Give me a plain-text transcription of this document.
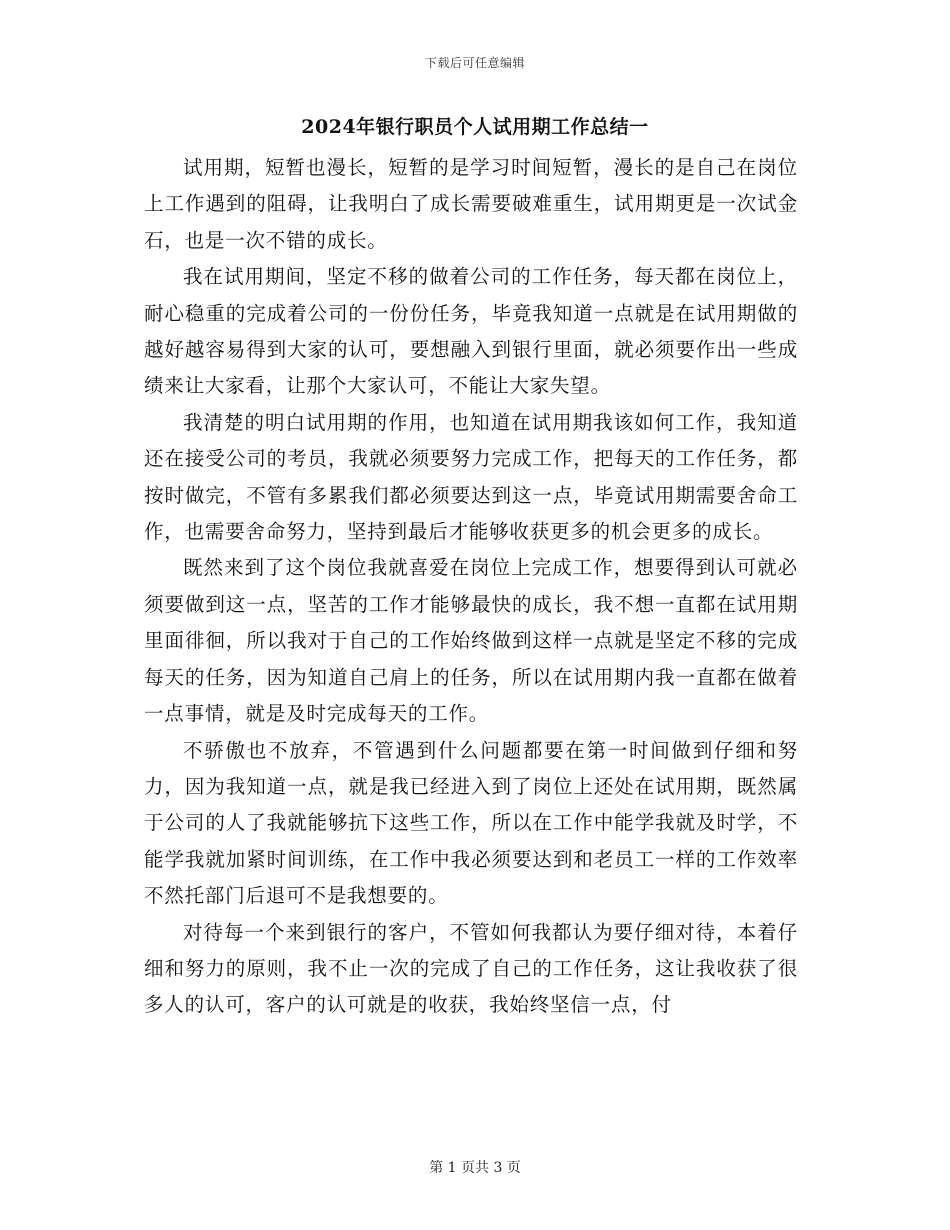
下载后可任意编辑
2024年银行职员个人试用期工作总结一

试用期，短暂也漫长，短暂的是学习时间短暂，漫长的是自己在岗位上工作遇到的阻碍，让我明白了成长需要破难重生，试用期更是一次试金石，也是一次不错的成长。

我在试用期间，坚定不移的做着公司的工作任务，每天都在岗位上，耐心稳重的完成着公司的一份份任务，毕竟我知道一点就是在试用期做的越好越容易得到大家的认可，要想融入到银行里面，就必须要作出一些成绩来让大家看，让那个大家认可，不能让大家失望。

我清楚的明白试用期的作用，也知道在试用期我该如何工作，我知道还在接受公司的考员，我就必须要努力完成工作，把每天的工作任务，都按时做完，不管有多累我们都必须要达到这一点，毕竟试用期需要舍命工作，也需要舍命努力，坚持到最后才能够收获更多的机会更多的成长。

既然来到了这个岗位我就喜爱在岗位上完成工作，想要得到认可就必须要做到这一点，坚苦的工作才能够最快的成长，我不想一直都在试用期里面徘徊，所以我对于自己的工作始终做到这样一点就是坚定不移的完成每天的任务，因为知道自己肩上的任务，所以在试用期内我一直都在做着一点事情，就是及时完成每天的工作。

不骄傲也不放弃，不管遇到什么问题都要在第一时间做到仔细和努力，因为我知道一点，就是我已经进入到了岗位上还处在试用期，既然属于公司的人了我就能够抗下这些工作，所以在工作中能学我就及时学，不能学我就加紧时间训练，在工作中我必须要达到和老员工一样的工作效率不然托部门后退可不是我想要的。

对待每一个来到银行的客户，不管如何我都认为要仔细对待，本着仔细和努力的原则，我不止一次的完成了自己的工作任务，这让我收获了很多人的认可，客户的认可就是的收获，我始终坚信一点，付

第 1 页共 3 页
